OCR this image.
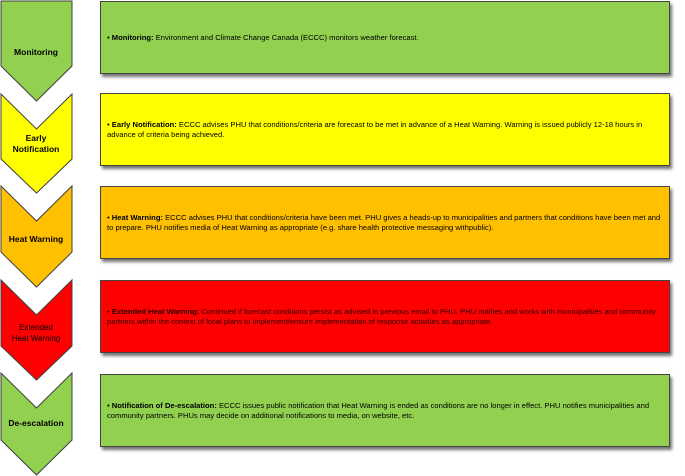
Monitoring
Early
Notification
Heat Warning
Extended
Heat Warning
De-escalation
• Monitoring: Environment and Climate Change Canada (ECCC) monitors weather forecast.
• Early Notification: ECCC advises PHU that conditions/criteria are forecast to be met in advance of a Heat Warning. Warning is issued publicly 12-18 hours in advance of criteria being achieved.
• Heat Warning: ECCC advises PHU that conditions/criteria have been met. PHU gives a heads-up to municipalities and partners that conditions have been met and to prepare. PHU notifies media of Heat Warning as appropriate (e.g. share health protective messaging withpublic).
• Extended Heat Warning: Continued if forecast conditions persist as advised in previous email to PHU. PHU notifies and works with municipalities and community partners within the context of local plans to implement/ensure implementation of response activities as appropriate.
• Notification of De-escalation: ECCC issues public notification that Heat Warning is ended as conditions are no longer in effect. PHU notifies municipalities and community partners. PHUs may decide on additional notifications to media, on website, etc.
